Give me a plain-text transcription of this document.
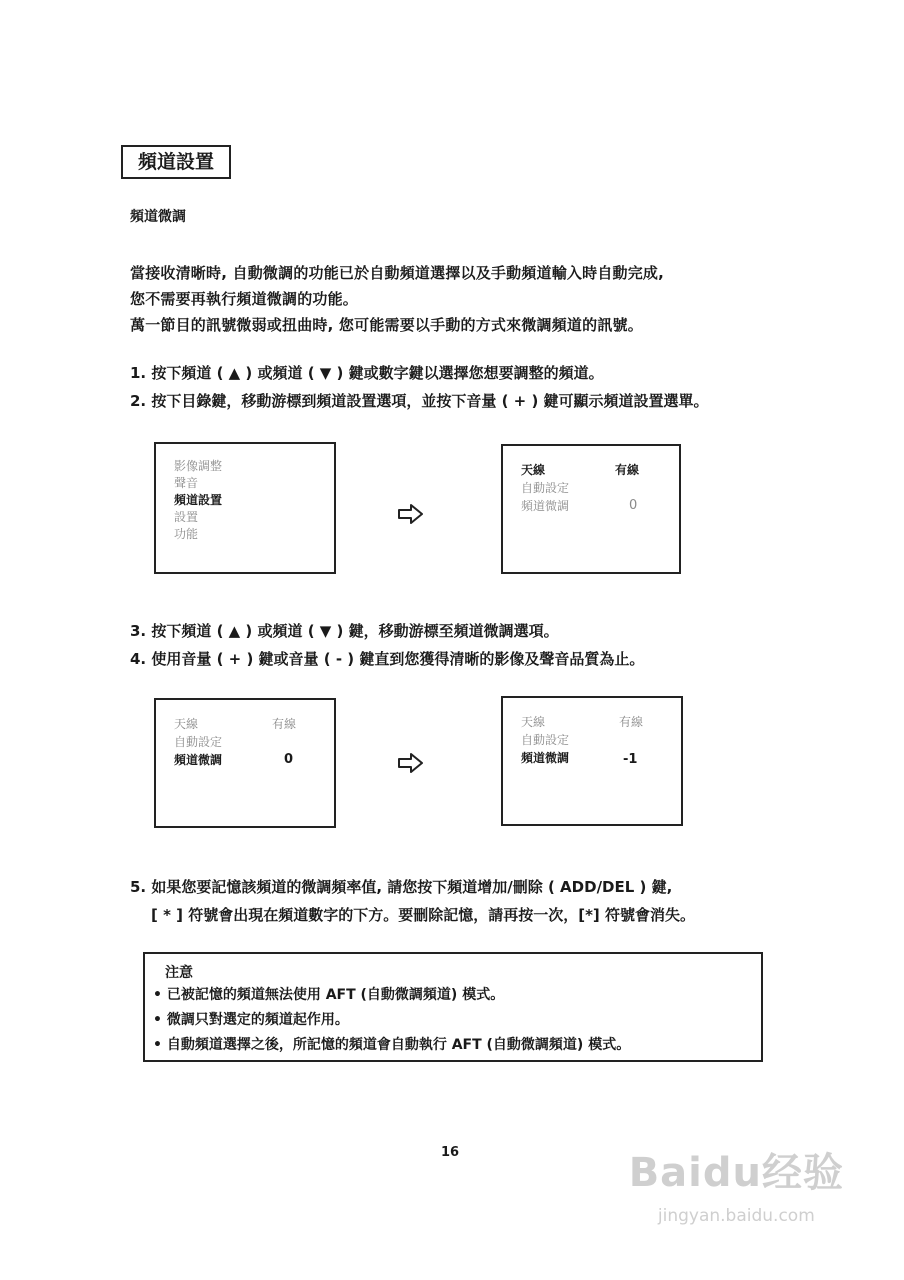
頻道設置
頻道微調
當接收清晰時, 自動微調的功能已於自動頻道選擇以及手動頻道輸入時自動完成,
您不需要再執行頻道微調的功能。
萬一節目的訊號微弱或扭曲時, 您可能需要以手動的方式來微調頻道的訊號。
1. 按下頻道 ( ▲ ) 或頻道 ( ▼ ) 鍵或數字鍵以選擇您想要調整的頻道。
2. 按下目錄鍵，移動游標到頻道設置選項，並按下音量 ( + ) 鍵可顯示頻道設置選單。
影像調整
聲音
頻道設置
設置
功能
天線	有線
自動設定
頻道微調	0
3. 按下頻道 ( ▲ ) 或頻道 ( ▼ ) 鍵，移動游標至頻道微調選項。
4. 使用音量 ( + ) 鍵或音量 ( - ) 鍵直到您獲得清晰的影像及聲音品質為止。
天線	有線
自動設定
頻道微調	0
天線	有線
自動設定
頻道微調	-1
5. 如果您要記憶該頻道的微調頻率值, 請您按下頻道增加/刪除 ( ADD/DEL ) 鍵,
[ * ] 符號會出現在頻道數字的下方。要刪除記憶，請再按一次，[*] 符號會消失。
注意
• 已被記憶的頻道無法使用 AFT (自動微調頻道) 模式。
• 微調只對選定的頻道起作用。
• 自動頻道選擇之後，所記憶的頻道會自動執行 AFT (自動微調頻道) 模式。
16	Baidu经验
jingyan.baidu.com
